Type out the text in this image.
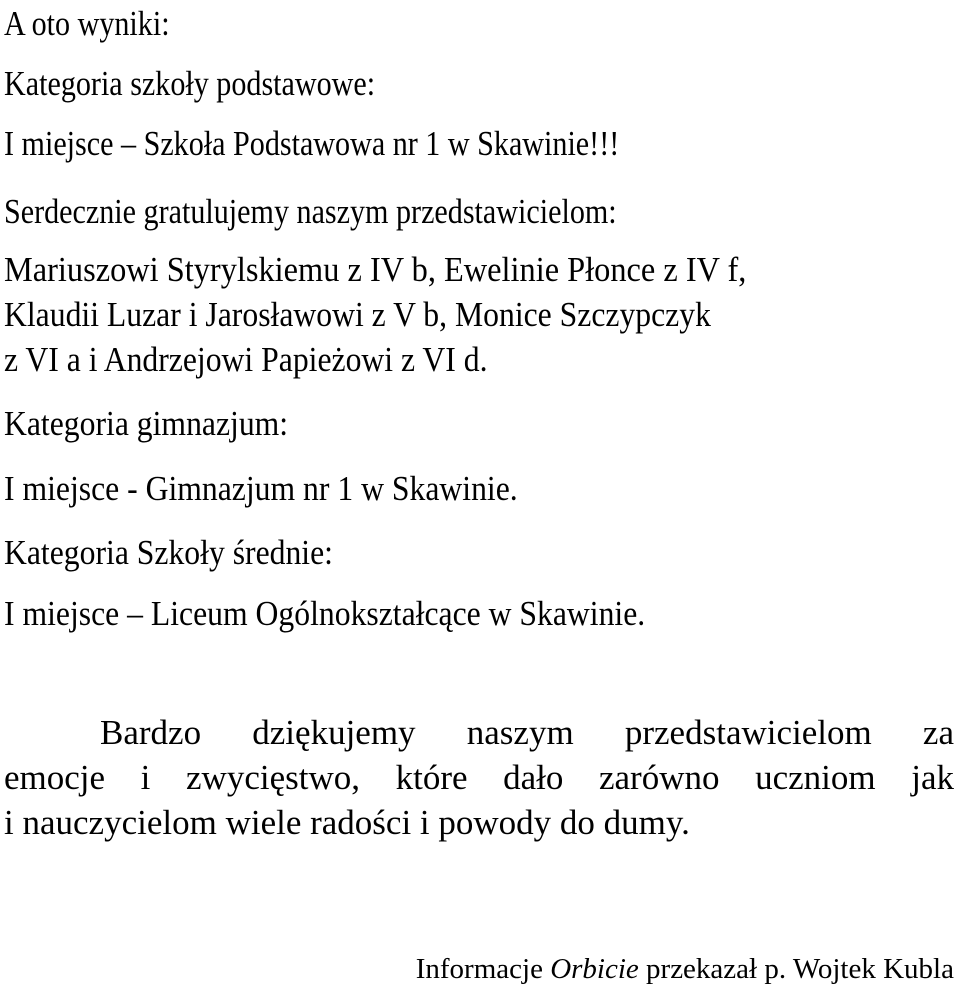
A oto wyniki:

Kategoria szkoły podstawowe:

I miejsce – Szkoła Podstawowa nr 1 w Skawinie!!!

Serdecznie gratulujemy naszym przedstawicielom:

Mariuszowi Styrylskiemu z IV b, Ewelinie Płonce z IV f,

Klaudii Luzar i Jarosławowi z V b, Monice Szczypczyk

z VI a i Andrzejowi Papieżowi z VI d.

Kategoria gimnazjum:

I miejsce - Gimnazjum nr 1 w Skawinie.

Kategoria Szkoły średnie:

I miejsce – Liceum Ogólnokształcące w Skawinie.

Bardzo dziękujemy naszym przedstawicielom za
emocje i zwycięstwo, które dało zarówno uczniom jak
i nauczycielom wiele radości i powody do dumy.

Informacje Orbicie przekazał p. Wojtek Kubla
